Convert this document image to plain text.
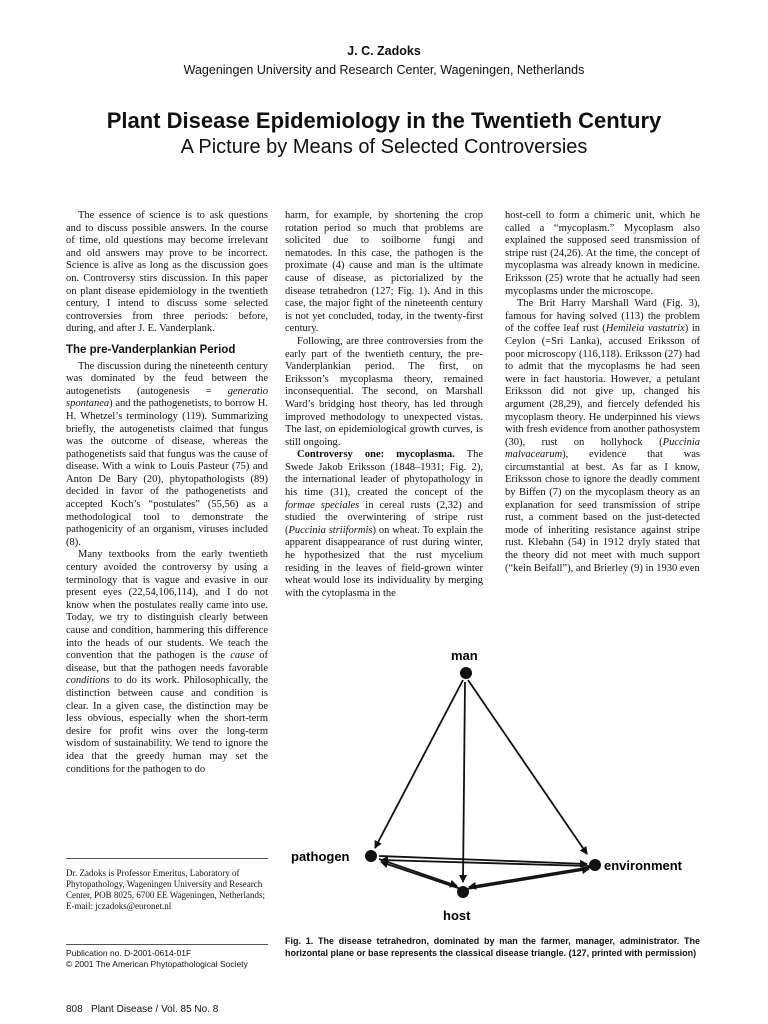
J. C. Zadoks
Wageningen University and Research Center, Wageningen, Netherlands
Plant Disease Epidemiology in the Twentieth Century
A Picture by Means of Selected Controversies

The essence of science is to ask questions and to discuss possible answers. In the course of time, old questions may become irrelevant and old answers may prove to be incorrect. Science is alive as long as the discussion goes on. Controversy stirs discussion. In this paper on plant disease epidemiology in the twentieth century, I intend to discuss some selected controversies from three periods: before, during, and after J. E. Vanderplank.

The pre-Vanderplankian Period

The discussion during the nineteenth century was dominated by the feud between the autogenetists (autogenesis = generatio spontanea) and the pathogenetists, to borrow H. H. Whetzel’s terminology (119). Summarizing briefly, the autogenetists claimed that fungus was the outcome of disease, whereas the pathogenetists said that fungus was the cause of disease. With a wink to Louis Pasteur (75) and Anton De Bary (20), phytopathologists (89) decided in favor of the pathogenetists and accepted Koch’s “postulates” (55,56) as a methodological tool to demonstrate the pathogenicity of an organism, viruses included (8).

Many textbooks from the early twentieth century avoided the controversy by using a terminology that is vague and evasive in our present eyes (22,54,106,114), and I do not know when the postulates really came into use. Today, we try to distinguish clearly between cause and condition, hammering this difference into the heads of our students. We teach the convention that the pathogen is the cause of disease, but that the pathogen needs favorable conditions to do its work. Philosophically, the distinction between cause and condition is clear. In a given case, the distinction may be less obvious, especially when the short-term desire for profit wins over the long-term wisdom of sustainability. We tend to ignore the idea that the greedy human may set the conditions for the pathogen to do

Dr. Zadoks is Professor Emeritus, Laboratory of Phytopathology, Wageningen University and Research Center, POB 8025, 6700 EE Wageningen, Netherlands;
E-mail: jczadoks@euronet.nl
Publication no. D-2001-0614-01F
© 2001 The American Phytopathological Society

harm, for example, by shortening the crop rotation period so much that problems are solicited due to soilborne fungi and nematodes. In this case, the pathogen is the proximate (4) cause and man is the ultimate cause of disease, as pictorialized by the disease tetrahedron (127; Fig. 1). And in this case, the major fight of the nineteenth century is not yet concluded, today, in the twenty-first century.

Following, are three controversies from the early part of the twentieth century, the pre-Vanderplankian period. The first, on Eriksson’s mycoplasma theory, remained inconsequential. The second, on Marshall Ward’s bridging host theory, has led through improved methodology to unexpected vistas. The last, on epidemiological growth curves, is still ongoing.

Controversy one: mycoplasma. The Swede Jakob Eriksson (1848–1931; Fig. 2), the international leader of phytopathology in his time (31), created the concept of the formae speciales in cereal rusts (2,32) and studied the overwintering of stripe rust (Puccinia striiformis) on wheat. To explain the apparent disappearance of rust during winter, he hypothesized that the rust mycelium residing in the leaves of field-grown winter wheat would lose its individuality by merging with the cytoplasma in the

host-cell to form a chimeric unit, which he called a “mycoplasm.” Mycoplasm also explained the supposed seed transmission of stripe rust (24,26). At the time, the concept of mycoplasma was already known in medicine. Eriksson (25) wrote that he actually had seen mycoplasms under the microscope.

The Brit Harry Marshall Ward (Fig. 3), famous for having solved (113) the problem of the coffee leaf rust (Hemileia vastatrix) in Ceylon (=Sri Lanka), accused Eriksson of poor microscopy (116,118). Eriksson (27) had to admit that the mycoplasms he had seen were in fact haustoria. However, a petulant Eriksson did not give up, changed his argument (28,29), and fiercely defended his mycoplasm theory. He underpinned his views with fresh evidence from another pathosystem (30), rust on hollyhock (Puccinia malvacearum), evidence that was circumstantial at best. As far as I know, Eriksson chose to ignore the deadly comment by Biffen (7) on the mycoplasm theory as an explanation for seed transmission of stripe rust, a comment based on the just-detected mode of inheriting resistance against stripe rust. Klebahn (54) in 1912 dryly stated that the theory did not meet with much support (“kein Beifall”), and Brierley (9) in 1930 even

man
pathogen
environment
host
Fig. 1. The disease tetrahedron, dominated by man the farmer, manager, administrator. The horizontal plane or base represents the classical disease triangle. (127, printed with permission)
808 Plant Disease / Vol. 85 No. 8
